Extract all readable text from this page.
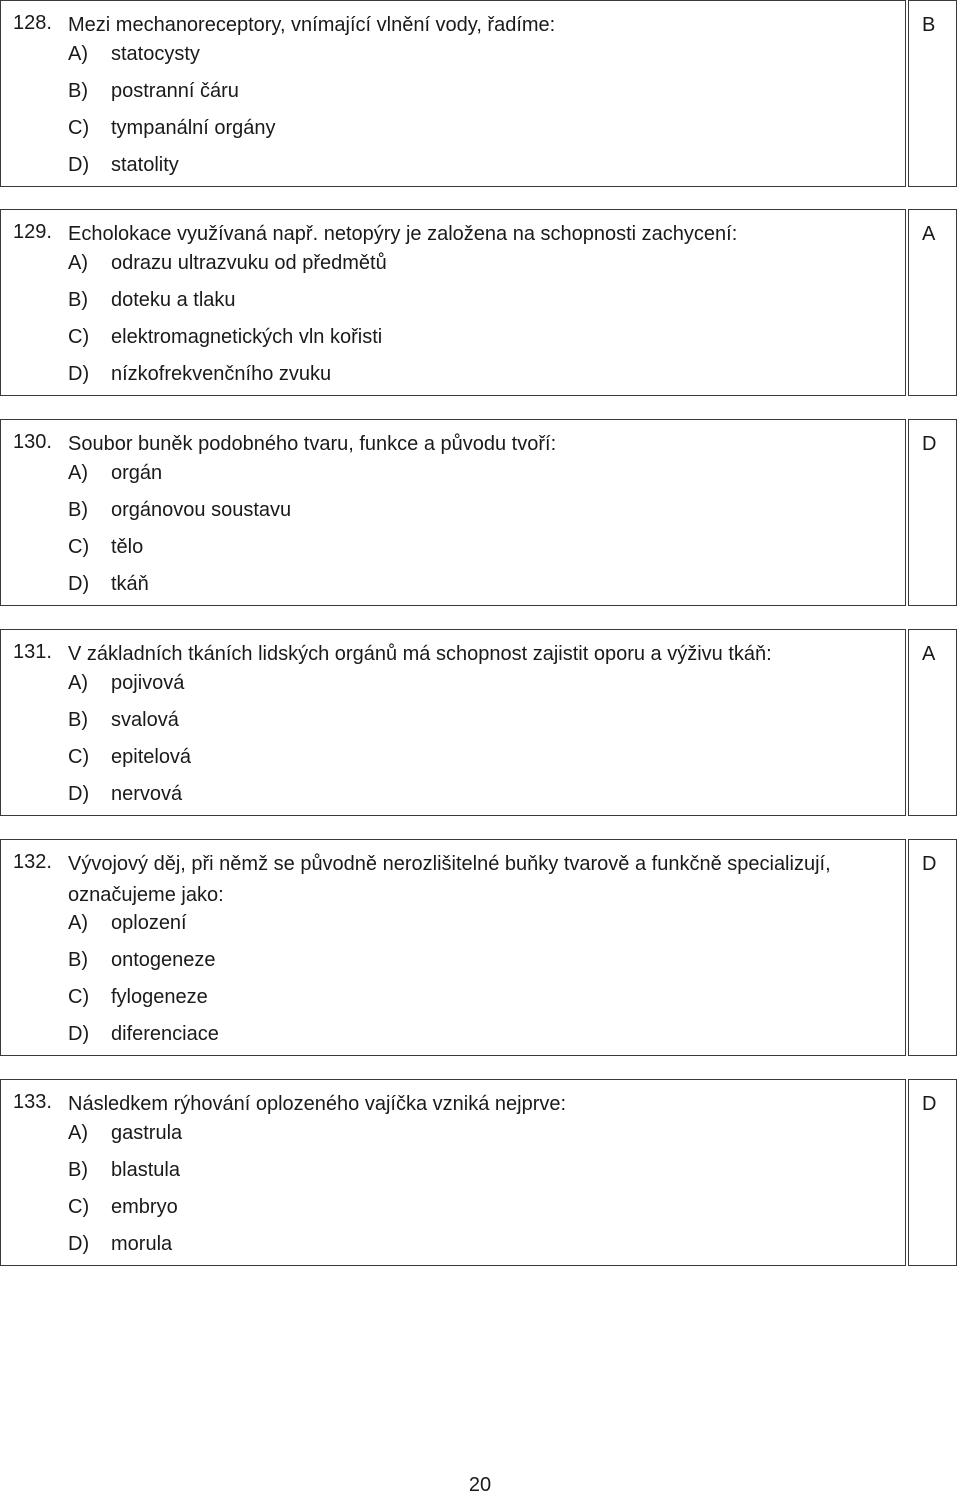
128. Mezi mechanoreceptory, vnímající vlnění vody, řadíme:
A) statocysty
B) postranní čáru
C) tympanální orgány
D) statolity
B
129. Echolokace využívaná např. netopýry je založena na schopnosti zachycení:
A) odrazu ultrazvuku od předmětů
B) doteku a tlaku
C) elektromagnetických vln kořisti
D) nízkofrekvenčního zvuku
A
130. Soubor buněk podobného tvaru, funkce a původu tvoří:
A) orgán
B) orgánovou soustavu
C) tělo
D) tkáň
D
131. V základních tkáních lidských orgánů má schopnost zajistit oporu a výživu tkáň:
A) pojivová
B) svalová
C) epitelová
D) nervová
A
132. Vývojový děj, při němž se původně nerozlišitelné buňky tvarově a funkčně specializují, označujeme jako:
A) oplození
B) ontogeneze
C) fylogeneze
D) diferenciace
D
133. Následkem rýhování oplozeného vajíčka vzniká nejprve:
A) gastrula
B) blastula
C) embryo
D) morula
D
20
